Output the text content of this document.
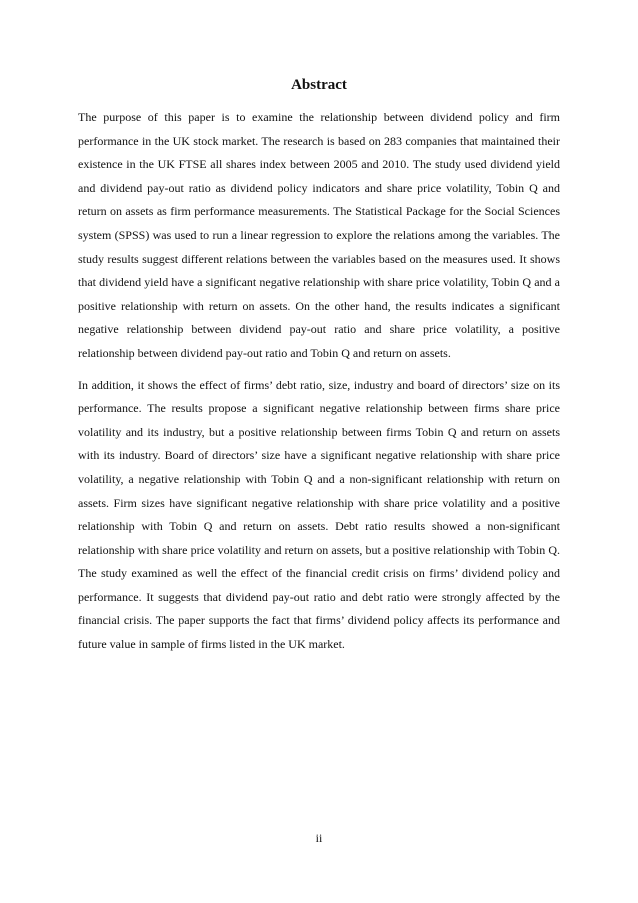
Abstract

The purpose of this paper is to examine the relationship between dividend policy and firm performance in the UK stock market. The research is based on 283 companies that maintained their existence in the UK FTSE all shares index between 2005 and 2010. The study used dividend yield and dividend pay-out ratio as dividend policy indicators and share price volatility, Tobin Q and return on assets as firm performance measurements. The Statistical Package for the Social Sciences system (SPSS) was used to run a linear regression to explore the relations among the variables. The study results suggest different relations between the variables based on the measures used. It shows that dividend yield have a significant negative relationship with share price volatility, Tobin Q and a positive relationship with return on assets. On the other hand, the results indicates a significant negative relationship between dividend pay-out ratio and share price volatility, a positive relationship between dividend pay-out ratio and Tobin Q and return on assets.

In addition, it shows the effect of firms’ debt ratio, size, industry and board of directors’ size on its performance. The results propose a significant negative relationship between firms share price volatility and its industry, but a positive relationship between firms Tobin Q and return on assets with its industry. Board of directors’ size have a significant negative relationship with share price volatility, a negative relationship with Tobin Q and a non-significant relationship with return on assets. Firm sizes have significant negative relationship with share price volatility and a positive relationship with Tobin Q and return on assets. Debt ratio results showed a non-significant relationship with share price volatility and return on assets, but a positive relationship with Tobin Q. The study examined as well the effect of the financial credit crisis on firms’ dividend policy and performance. It suggests that dividend pay-out ratio and debt ratio were strongly affected by the financial crisis. The paper supports the fact that firms’ dividend policy affects its performance and future value in sample of firms listed in the UK market.

ii
